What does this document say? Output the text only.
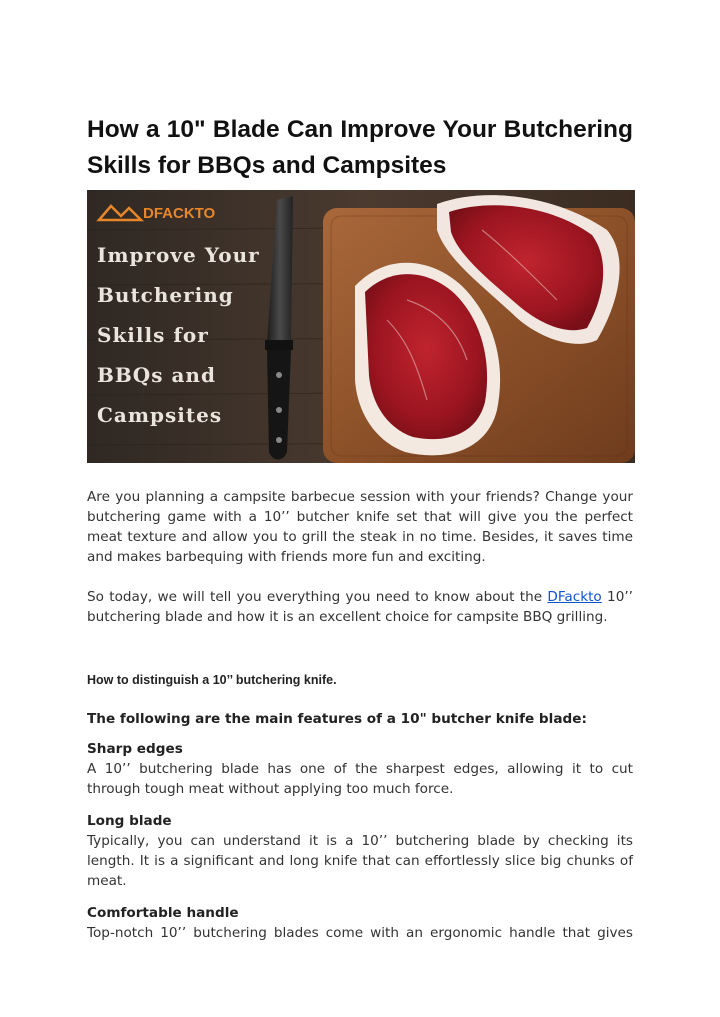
How a 10" Blade Can Improve Your Butchering Skills for BBQs and Campsites
DFACKTO
Improve Your
Butchering
Skills for
BBQs and
Campsites

Are you planning a campsite barbecue session with your friends? Change your butchering game with a 10’’ butcher knife set that will give you the perfect meat texture and allow you to grill the steak in no time. Besides, it saves time and makes barbequing with friends more fun and exciting.

So today, we will tell you everything you need to know about the DFackto 10’’ butchering blade and how it is an excellent choice for campsite BBQ grilling.

How to distinguish a 10’’ butchering knife.
The following are the main features of a 10" butcher knife blade:
Sharp edges

A 10’’ butchering blade has one of the sharpest edges, allowing it to cut through tough meat without applying too much force.

Long blade

Typically, you can understand it is a 10’’ butchering blade by checking its length. It is a significant and long knife that can effortlessly slice big chunks of meat.

Comfortable handle

Top-notch 10’’ butchering blades come with an ergonomic handle that gives
